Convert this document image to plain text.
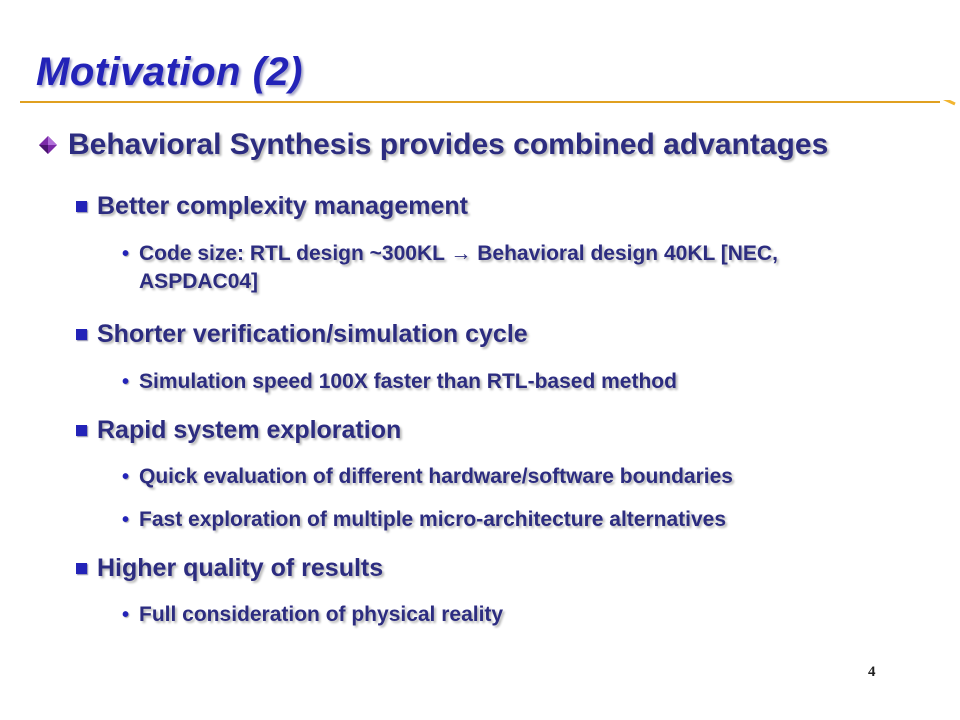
Motivation (2)
Behavioral Synthesis provides combined advantages
Better complexity management
• Code size: RTL design ~300KL → Behavioral design 40KL [NEC,
ASPDAC04]
Shorter verification/simulation cycle
• Simulation speed 100X faster than RTL-based method
Rapid system exploration
• Quick evaluation of different hardware/software boundaries
• Fast exploration of multiple micro-architecture alternatives
Higher quality of results
• Full consideration of physical reality
4
